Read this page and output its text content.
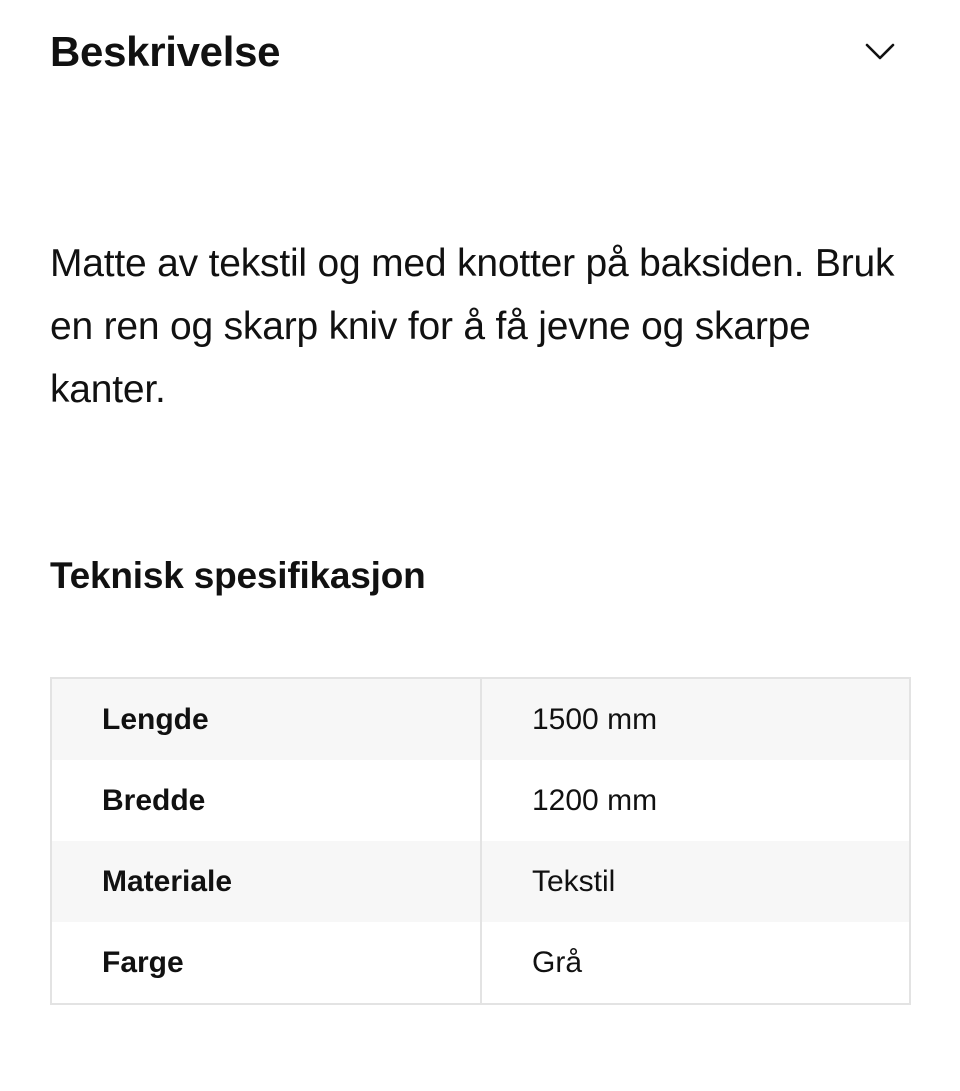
Beskrivelse

Matte av tekstil og med knotter på baksiden. Bruk en ren og skarp kniv for å få jevne og skarpe kanter.

Teknisk spesifikasjon
Lengde	1500 mm
Bredde	1200 mm
Materiale	Tekstil
Farge	Grå
